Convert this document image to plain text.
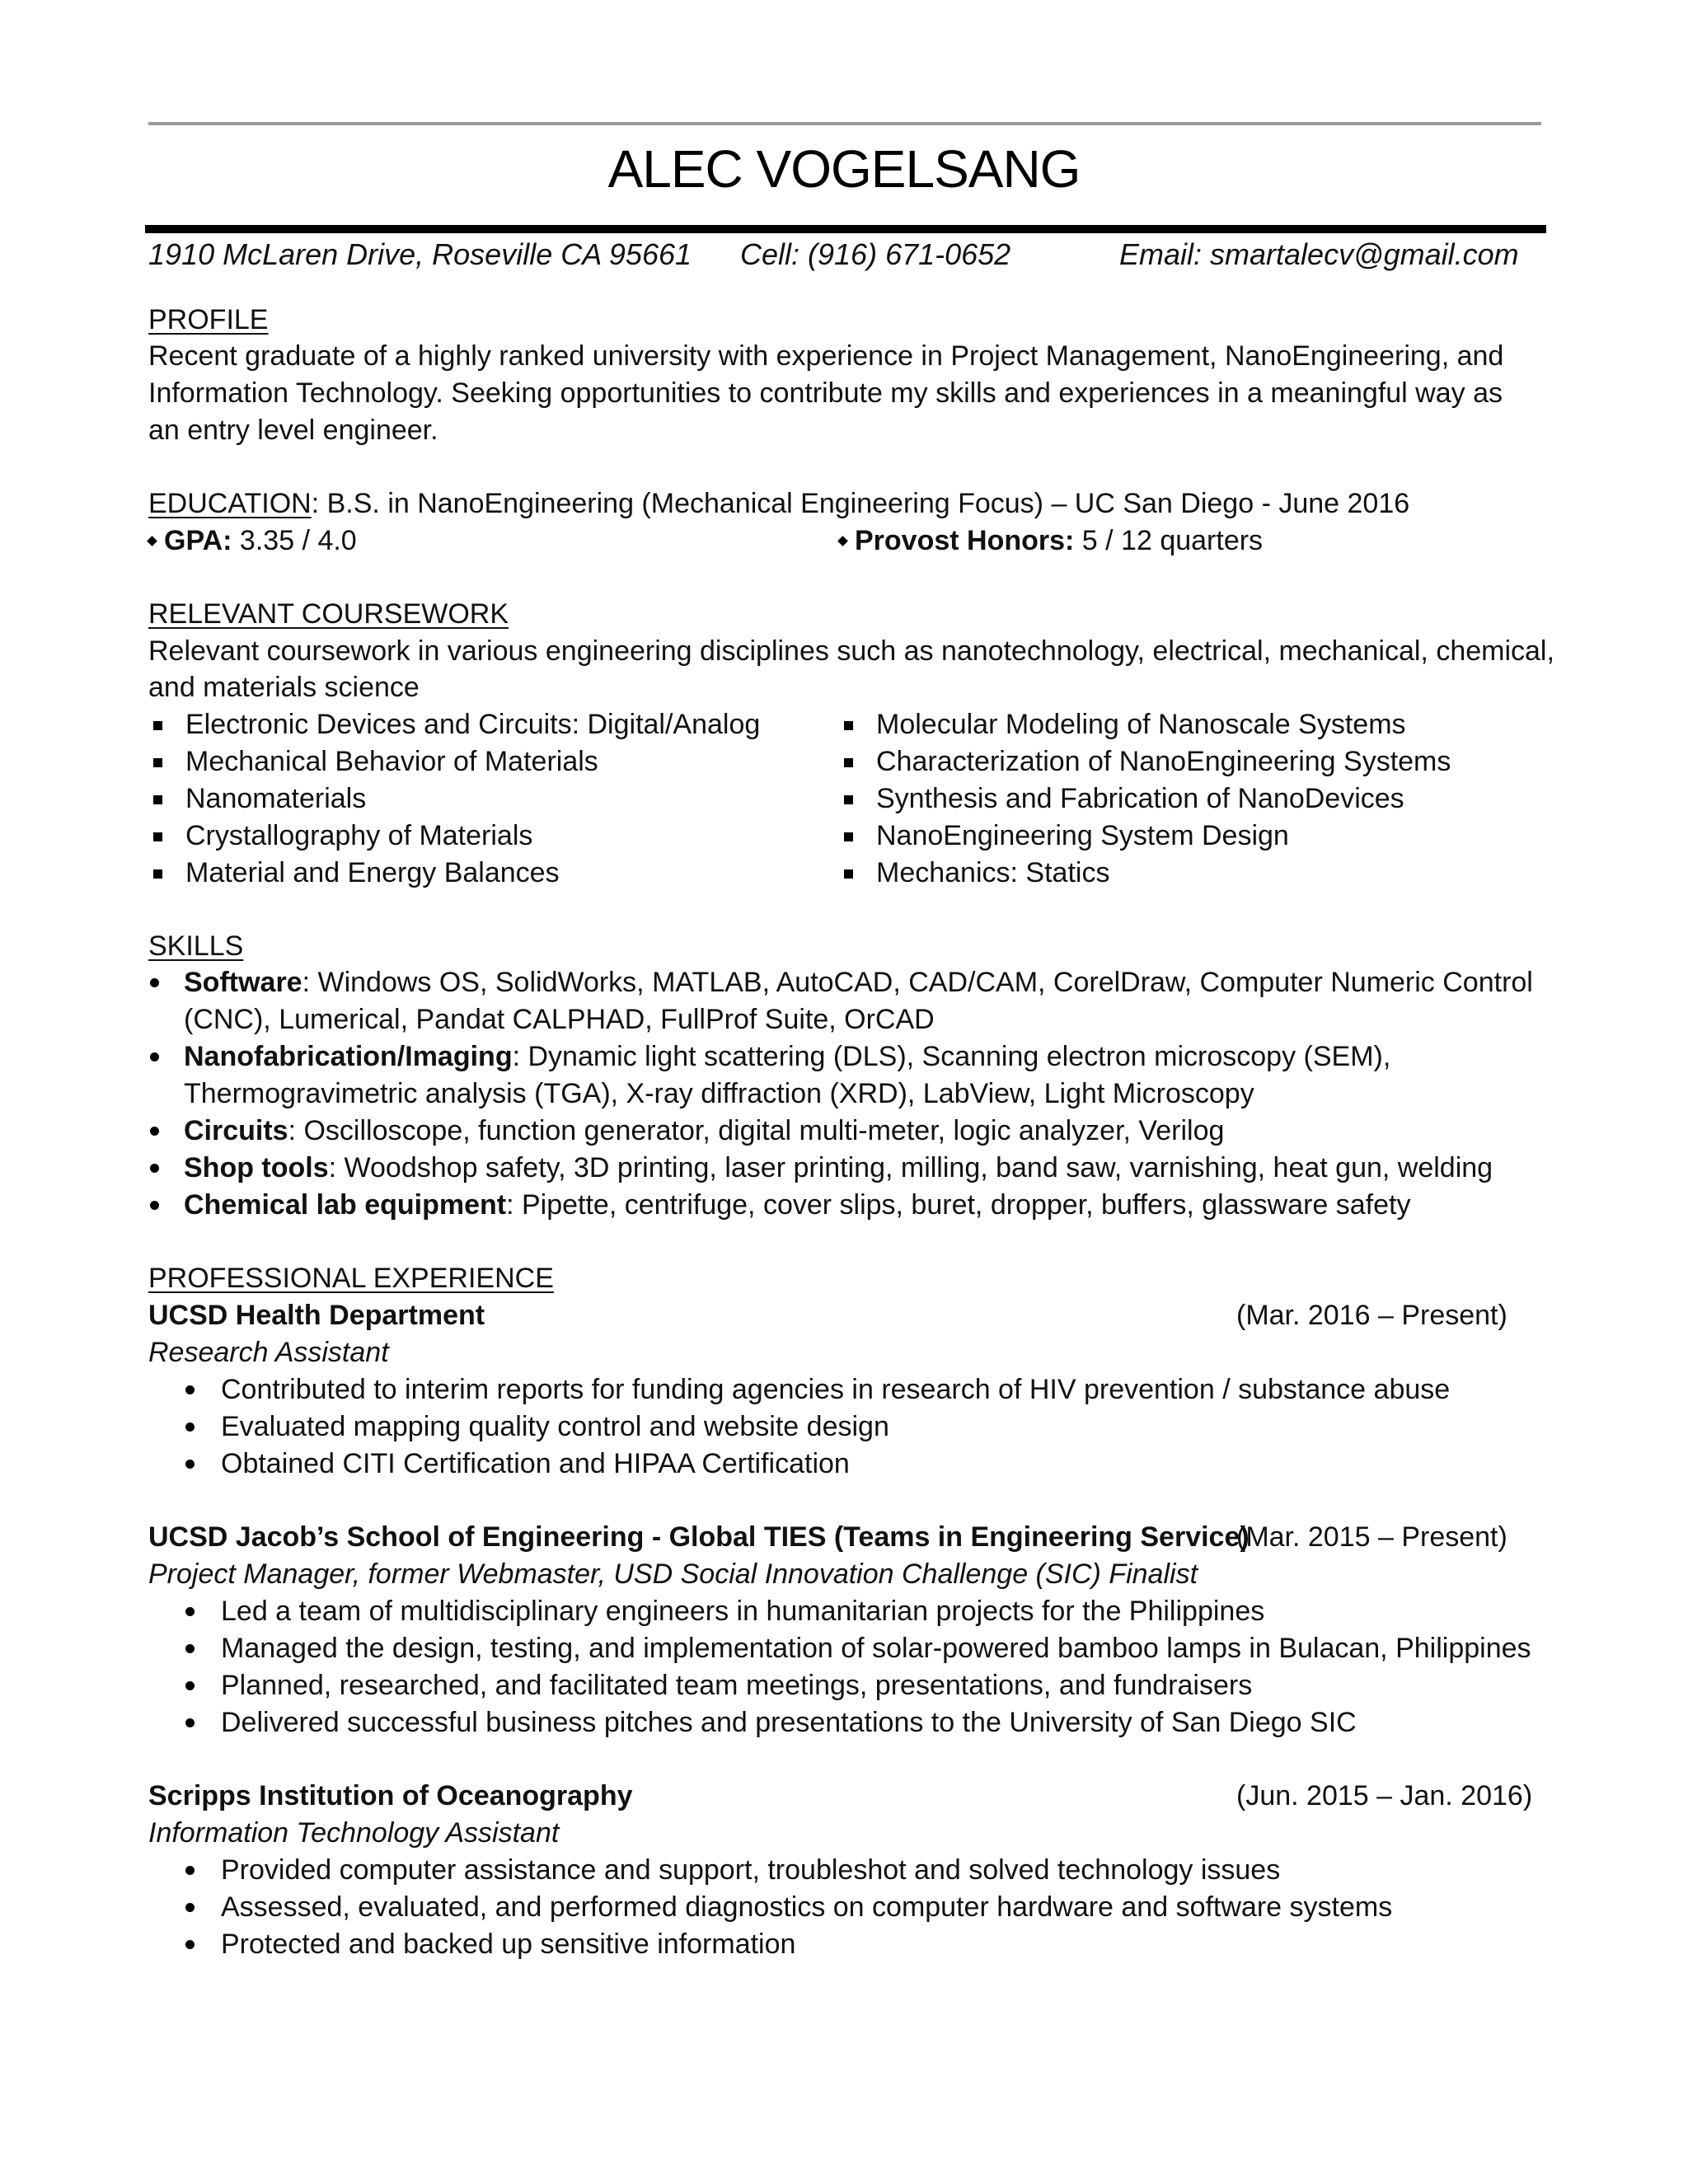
ALEC VOGELSANG
1910 McLaren Drive, Roseville CA 95661 Cell: (916) 671-0652	Email: smartalecv@gmail.com
PROFILE
Recent graduate of a highly ranked university with experience in Project Management, NanoEngineering, and
Information Technology. Seeking opportunities to contribute my skills and experiences in a meaningful way as
an entry level engineer.
EDUCATION: B.S. in NanoEngineering (Mechanical Engineering Focus) – UC San Diego - June 2016
GPA: 3.35 / 4.0	Provost Honors: 5 / 12 quarters
RELEVANT COURSEWORK
Relevant coursework in various engineering disciplines such as nanotechnology, electrical, mechanical, chemical,
and materials science
Electronic Devices and Circuits: Digital/Analog
Mechanical Behavior of Materials
Nanomaterials
Crystallography of Materials
Material and Energy Balances
Molecular Modeling of Nanoscale Systems
Characterization of NanoEngineering Systems
Synthesis and Fabrication of NanoDevices
NanoEngineering System Design
Mechanics: Statics
SKILLS
Software: Windows OS, SolidWorks, MATLAB, AutoCAD, CAD/CAM, CorelDraw, Computer Numeric Control
(CNC), Lumerical, Pandat CALPHAD, FullProf Suite, OrCAD
Nanofabrication/Imaging: Dynamic light scattering (DLS), Scanning electron microscopy (SEM),
Thermogravimetric analysis (TGA), X-ray diffraction (XRD), LabView, Light Microscopy
Circuits: Oscilloscope, function generator, digital multi-meter, logic analyzer, Verilog
Shop tools: Woodshop safety, 3D printing, laser printing, milling, band saw, varnishing, heat gun, welding
Chemical lab equipment: Pipette, centrifuge, cover slips, buret, dropper, buffers, glassware safety
PROFESSIONAL EXPERIENCE
UCSD Health Department	(Mar. 2016 – Present)
Research Assistant
Contributed to interim reports for funding agencies in research of HIV prevention / substance abuse
Evaluated mapping quality control and website design
Obtained CITI Certification and HIPAA Certification
UCSD Jacob’s School of Engineering - Global TIES (Teams in Engineering Service)
(Mar. 2015 – Present)
Project Manager, former Webmaster, USD Social Innovation Challenge (SIC) Finalist
Led a team of multidisciplinary engineers in humanitarian projects for the Philippines
Managed the design, testing, and implementation of solar-powered bamboo lamps in Bulacan, Philippines
Planned, researched, and facilitated team meetings, presentations, and fundraisers
Delivered successful business pitches and presentations to the University of San Diego SIC
Scripps Institution of Oceanography	(Jun. 2015 – Jan. 2016)
Information Technology Assistant
Provided computer assistance and support, troubleshot and solved technology issues
Assessed, evaluated, and performed diagnostics on computer hardware and software systems
Protected and backed up sensitive information
